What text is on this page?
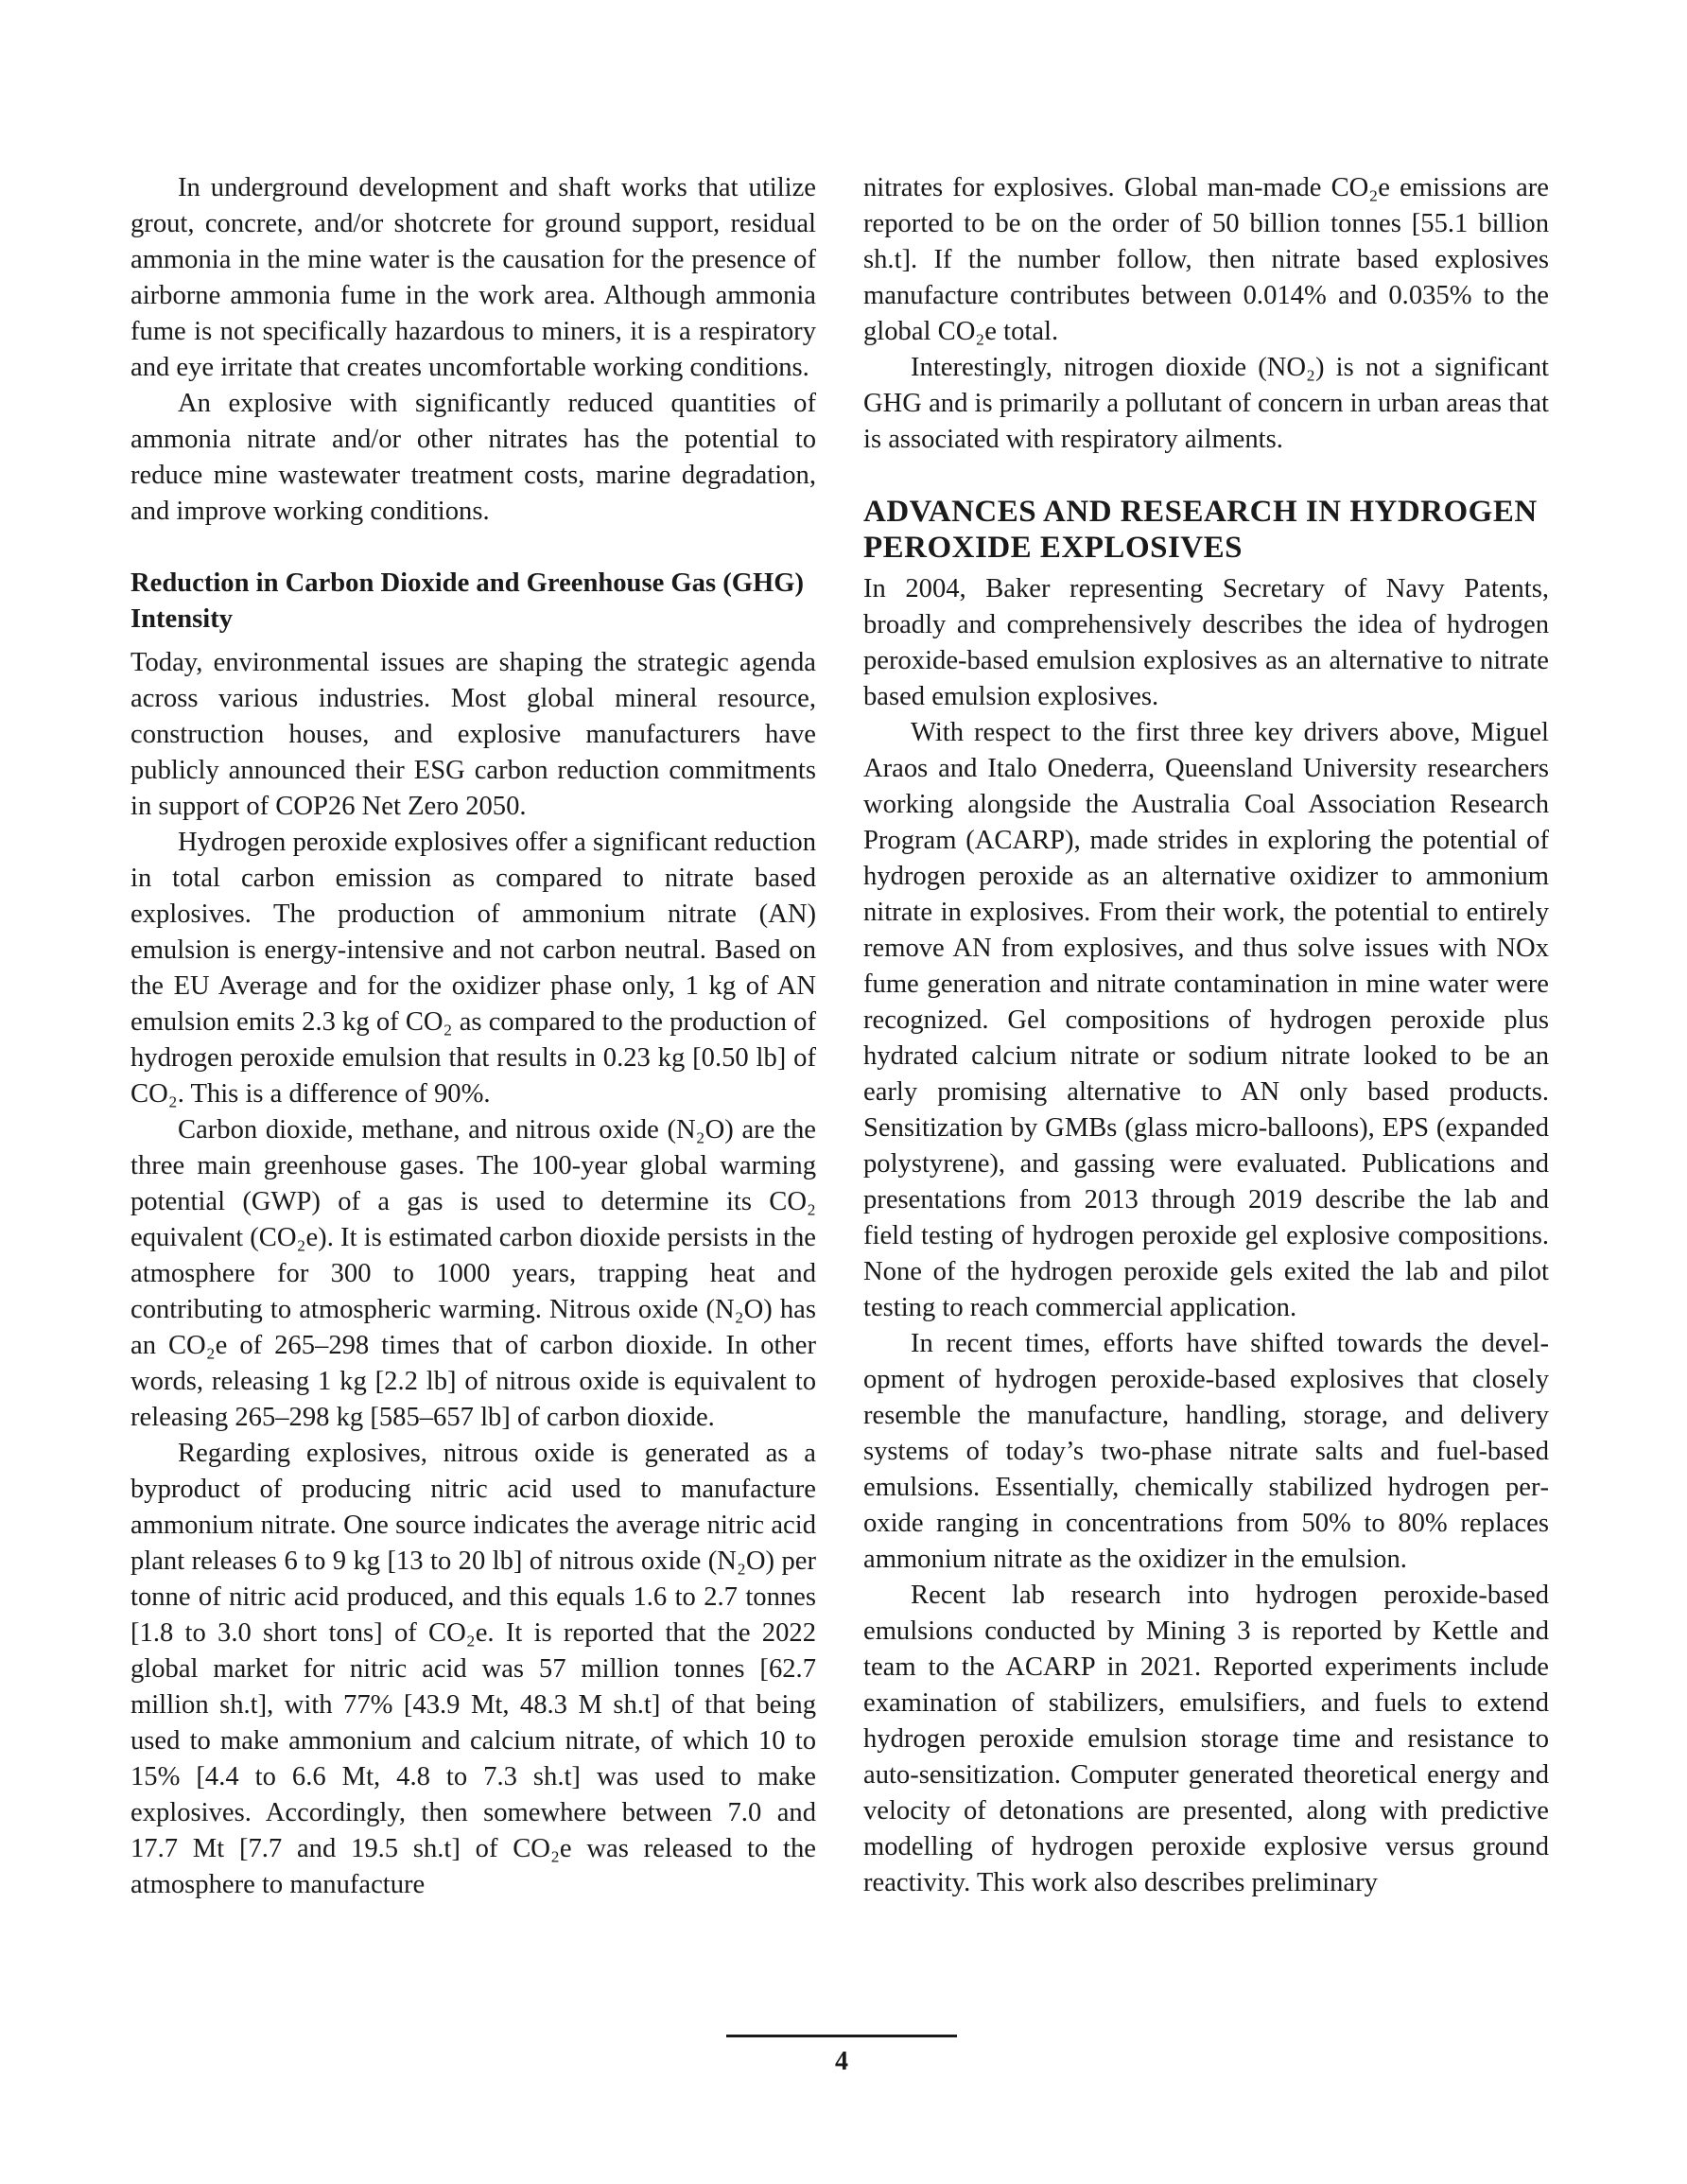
In underground development and shaft works that utilize grout, concrete, and/or shotcrete for ground support, residual ammonia in the mine water is the causation for the presence of airborne ammonia fume in the work area. Although ammonia fume is not specifically hazardous to miners, it is a respiratory and eye irritate that creates uncomfortable working conditions.

An explosive with significantly reduced quantities of ammonia nitrate and/or other nitrates has the potential to reduce mine wastewater treatment costs, marine degradation, and improve working conditions.

Reduction in Carbon Dioxide and Greenhouse Gas (GHG) Intensity

Today, environmental issues are shaping the strategic agenda across various industries. Most global mineral resource, construction houses, and explosive manufacturers have publicly announced their ESG carbon reduction commitments in support of COP26 Net Zero 2050.

Hydrogen peroxide explosives offer a significant reduction in total carbon emission as compared to nitrate based explosives. The production of ammonium nitrate (AN) emulsion is energy-intensive and not carbon neutral. Based on the EU Average and for the oxidizer phase only, 1 kg of AN emulsion emits 2.3 kg of CO₂ as compared to the production of hydrogen peroxide emulsion that results in 0.23 kg [0.50 lb] of CO₂. This is a difference of 90%.

Carbon dioxide, methane, and nitrous oxide (N₂O) are the three main greenhouse gases. The 100-year global warming potential (GWP) of a gas is used to determine its CO₂ equivalent (CO₂e). It is estimated carbon dioxide persists in the atmosphere for 300 to 1000 years, trapping heat and contributing to atmospheric warming. Nitrous oxide (N₂O) has an CO₂e of 265–298 times that of carbon dioxide. In other words, releasing 1 kg [2.2 lb] of nitrous oxide is equivalent to releasing 265–298 kg [585–657 lb] of carbon dioxide.

Regarding explosives, nitrous oxide is generated as a byproduct of producing nitric acid used to manufacture ammonium nitrate. One source indicates the average nitric acid plant releases 6 to 9 kg [13 to 20 lb] of nitrous oxide (N₂O) per tonne of nitric acid produced, and this equals 1.6 to 2.7 tonnes [1.8 to 3.0 short tons] of CO₂e. It is reported that the 2022 global market for nitric acid was 57 million tonnes [62.7 million sh.t], with 77% [43.9 Mt, 48.3 M sh.t] of that being used to make ammonium and calcium nitrate, of which 10 to 15% [4.4 to 6.6 Mt, 4.8 to 7.3 sh.t] was used to make explosives. Accordingly, then somewhere between 7.0 and 17.7 Mt [7.7 and 19.5 sh.t] of CO₂e was released to the atmosphere to manufacture

nitrates for explosives. Global man-made CO₂e emissions are reported to be on the order of 50 billion tonnes [55.1 billion sh.t]. If the number follow, then nitrate based explosives manufacture contributes between 0.014% and 0.035% to the global CO₂e total.

Interestingly, nitrogen dioxide (NO₂) is not a significant GHG and is primarily a pollutant of concern in urban areas that is associated with respiratory ailments.

ADVANCES AND RESEARCH IN HYDROGEN PEROXIDE EXPLOSIVES

In 2004, Baker representing Secretary of Navy Patents, broadly and comprehensively describes the idea of hydrogen peroxide-based emulsion explosives as an alternative to nitrate based emulsion explosives.

With respect to the first three key drivers above, Miguel Araos and Italo Onederra, Queensland University researchers working alongside the Australia Coal Association Research Program (ACARP), made strides in exploring the potential of hydrogen peroxide as an alternative oxidizer to ammonium nitrate in explosives. From their work, the potential to entirely remove AN from explosives, and thus solve issues with NOx fume generation and nitrate contamination in mine water were recognized. Gel compositions of hydrogen peroxide plus hydrated calcium nitrate or sodium nitrate looked to be an early promising alternative to AN only based products. Sensitization by GMBs (glass micro-balloons), EPS (expanded polystyrene), and gassing were evaluated. Publications and presentations from 2013 through 2019 describe the lab and field testing of hydrogen peroxide gel explosive compositions. None of the hydrogen peroxide gels exited the lab and pilot testing to reach commercial application.

In recent times, efforts have shifted towards the development of hydrogen peroxide-based explosives that closely resemble the manufacture, handling, storage, and delivery systems of today’s two-phase nitrate salts and fuel-based emulsions. Essentially, chemically stabilized hydrogen peroxide ranging in concentrations from 50% to 80% replaces ammonium nitrate as the oxidizer in the emulsion.

Recent lab research into hydrogen peroxide-based emulsions conducted by Mining 3 is reported by Kettle and team to the ACARP in 2021. Reported experiments include examination of stabilizers, emulsifiers, and fuels to extend hydrogen peroxide emulsion storage time and resistance to auto-sensitization. Computer generated theoretical energy and velocity of detonations are presented, along with predictive modelling of hydrogen peroxide explosive versus ground reactivity. This work also describes preliminary

4
